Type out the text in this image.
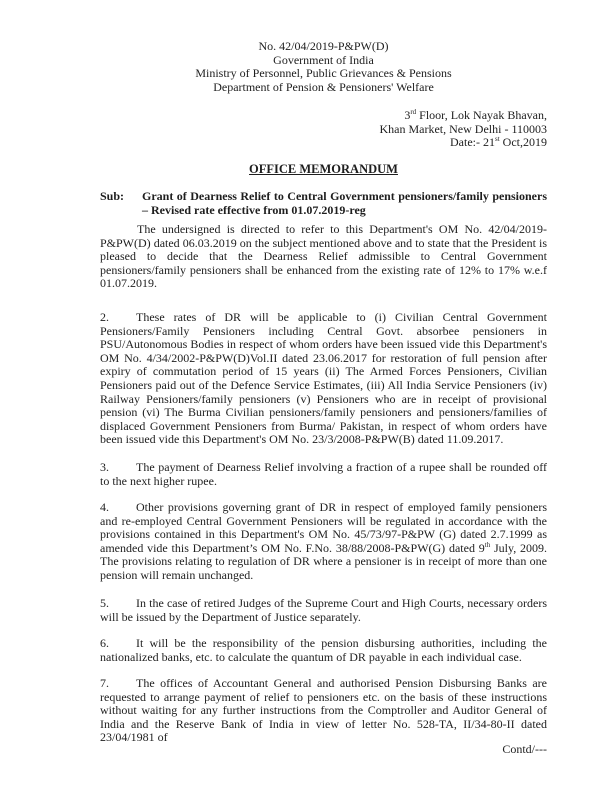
No. 42/04/2019-P&PW(D)
Government of India
Ministry of Personnel, Public Grievances & Pensions
Department of Pension & Pensioners' Welfare
3rd Floor, Lok Nayak Bhavan,
Khan Market, New Delhi - 110003
Date:- 21st Oct,2019
OFFICE MEMORANDUM
Sub:	Grant of Dearness Relief to Central Government pensioners/family pensioners – Revised rate effective from 01.07.2019-reg
The undersigned is directed to refer to this Department's OM No. 42/04/2019-P&PW(D) dated 06.03.2019 on the subject mentioned above and to state that the President is pleased to decide that the Dearness Relief admissible to Central Government pensioners/family pensioners shall be enhanced from the existing rate of 12% to 17% w.e.f 01.07.2019.
2. These rates of DR will be applicable to (i) Civilian Central Government Pensioners/Family Pensioners including Central Govt. absorbee pensioners in PSU/Autonomous Bodies in respect of whom orders have been issued vide this Department's OM No. 4/34/2002-P&PW(D)Vol.II dated 23.06.2017 for restoration of full pension after expiry of commutation period of 15 years (ii) The Armed Forces Pensioners, Civilian Pensioners paid out of the Defence Service Estimates, (iii) All India Service Pensioners (iv) Railway Pensioners/family pensioners (v) Pensioners who are in receipt of provisional pension (vi) The Burma Civilian pensioners/family pensioners and pensioners/families of displaced Government Pensioners from Burma/ Pakistan, in respect of whom orders have been issued vide this Department's OM No. 23/3/2008-P&PW(B) dated 11.09.2017.
3. The payment of Dearness Relief involving a fraction of a rupee shall be rounded off to the next higher rupee.
4. Other provisions governing grant of DR in respect of employed family pensioners and re-employed Central Government Pensioners will be regulated in accordance with the provisions contained in this Department's OM No. 45/73/97-P&PW (G) dated 2.7.1999 as amended vide this Department’s OM No. F.No. 38/88/2008-P&PW(G) dated 9th July, 2009. The provisions relating to regulation of DR where a pensioner is in receipt of more than one pension will remain unchanged.
5. In the case of retired Judges of the Supreme Court and High Courts, necessary orders will be issued by the Department of Justice separately.
6. It will be the responsibility of the pension disbursing authorities, including the nationalized banks, etc. to calculate the quantum of DR payable in each individual case.
7. The offices of Accountant General and authorised Pension Disbursing Banks are requested to arrange payment of relief to pensioners etc. on the basis of these instructions without waiting for any further instructions from the Comptroller and Auditor General of India and the Reserve Bank of India in view of letter No. 528-TA, II/34-80-II dated 23/04/1981 of
Contd/---
